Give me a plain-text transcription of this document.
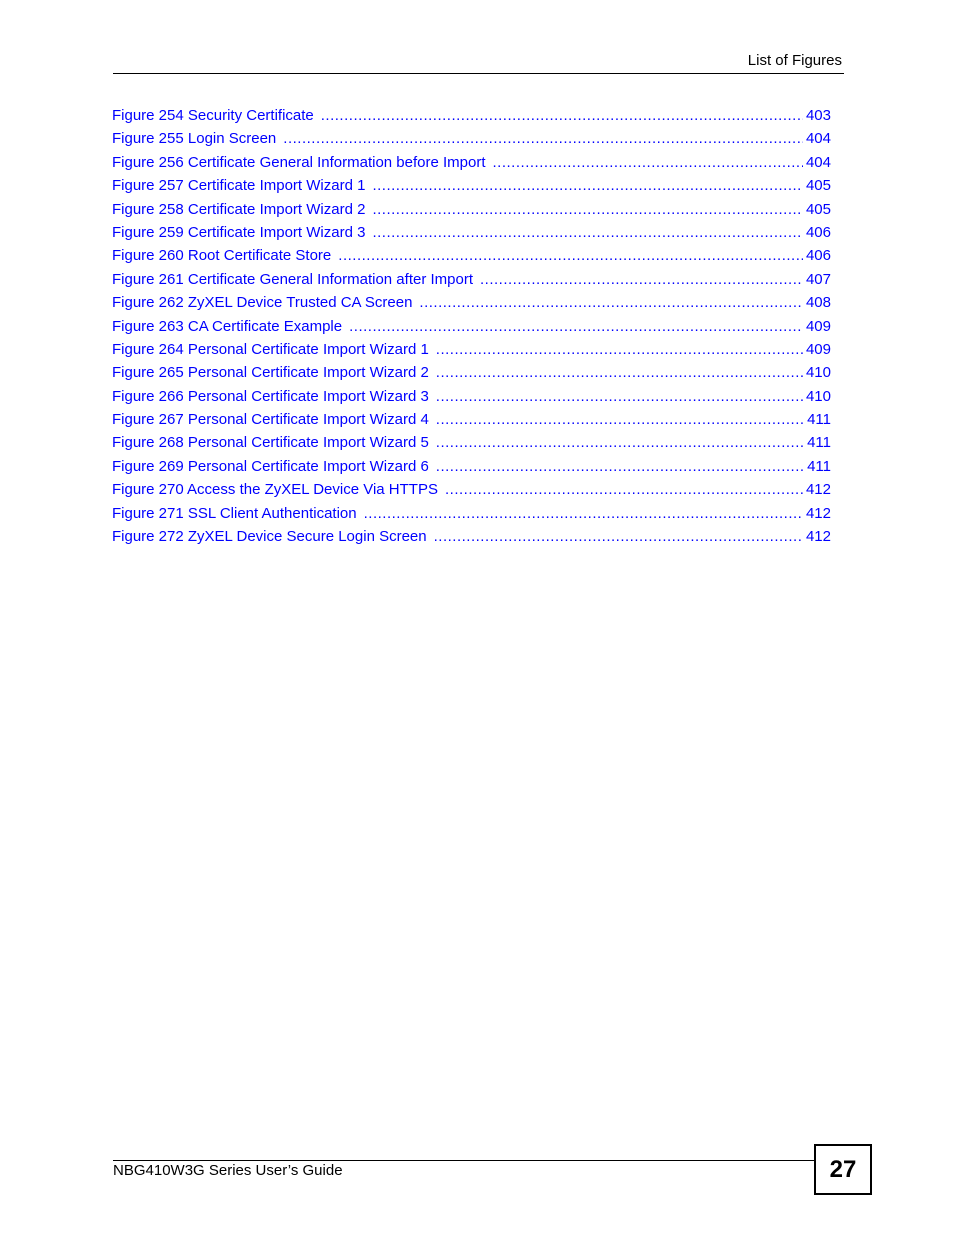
List of Figures
Figure 254 Security Certificate .....	403
Figure 255 Login Screen .....	404
Figure 256 Certificate General Information before Import .....	404
Figure 257 Certificate Import Wizard 1 .....	405
Figure 258 Certificate Import Wizard 2 .....	405
Figure 259 Certificate Import Wizard 3 .....	406
Figure 260 Root Certificate Store .....	406
Figure 261 Certificate General Information after Import .....	407
Figure 262 ZyXEL Device Trusted CA Screen .....	408
Figure 263 CA Certificate Example .....	409
Figure 264 Personal Certificate Import Wizard 1 .....	409
Figure 265 Personal Certificate Import Wizard 2 .....	410
Figure 266 Personal Certificate Import Wizard 3 .....	410
Figure 267 Personal Certificate Import Wizard 4 .....	411
Figure 268 Personal Certificate Import Wizard 5 .....	411
Figure 269 Personal Certificate Import Wizard 6 .....	411
Figure 270 Access the ZyXEL Device Via HTTPS .....	412
Figure 271 SSL Client Authentication .....	412
Figure 272 ZyXEL Device Secure Login Screen .....	412
NBG410W3G Series User’s Guide	27
